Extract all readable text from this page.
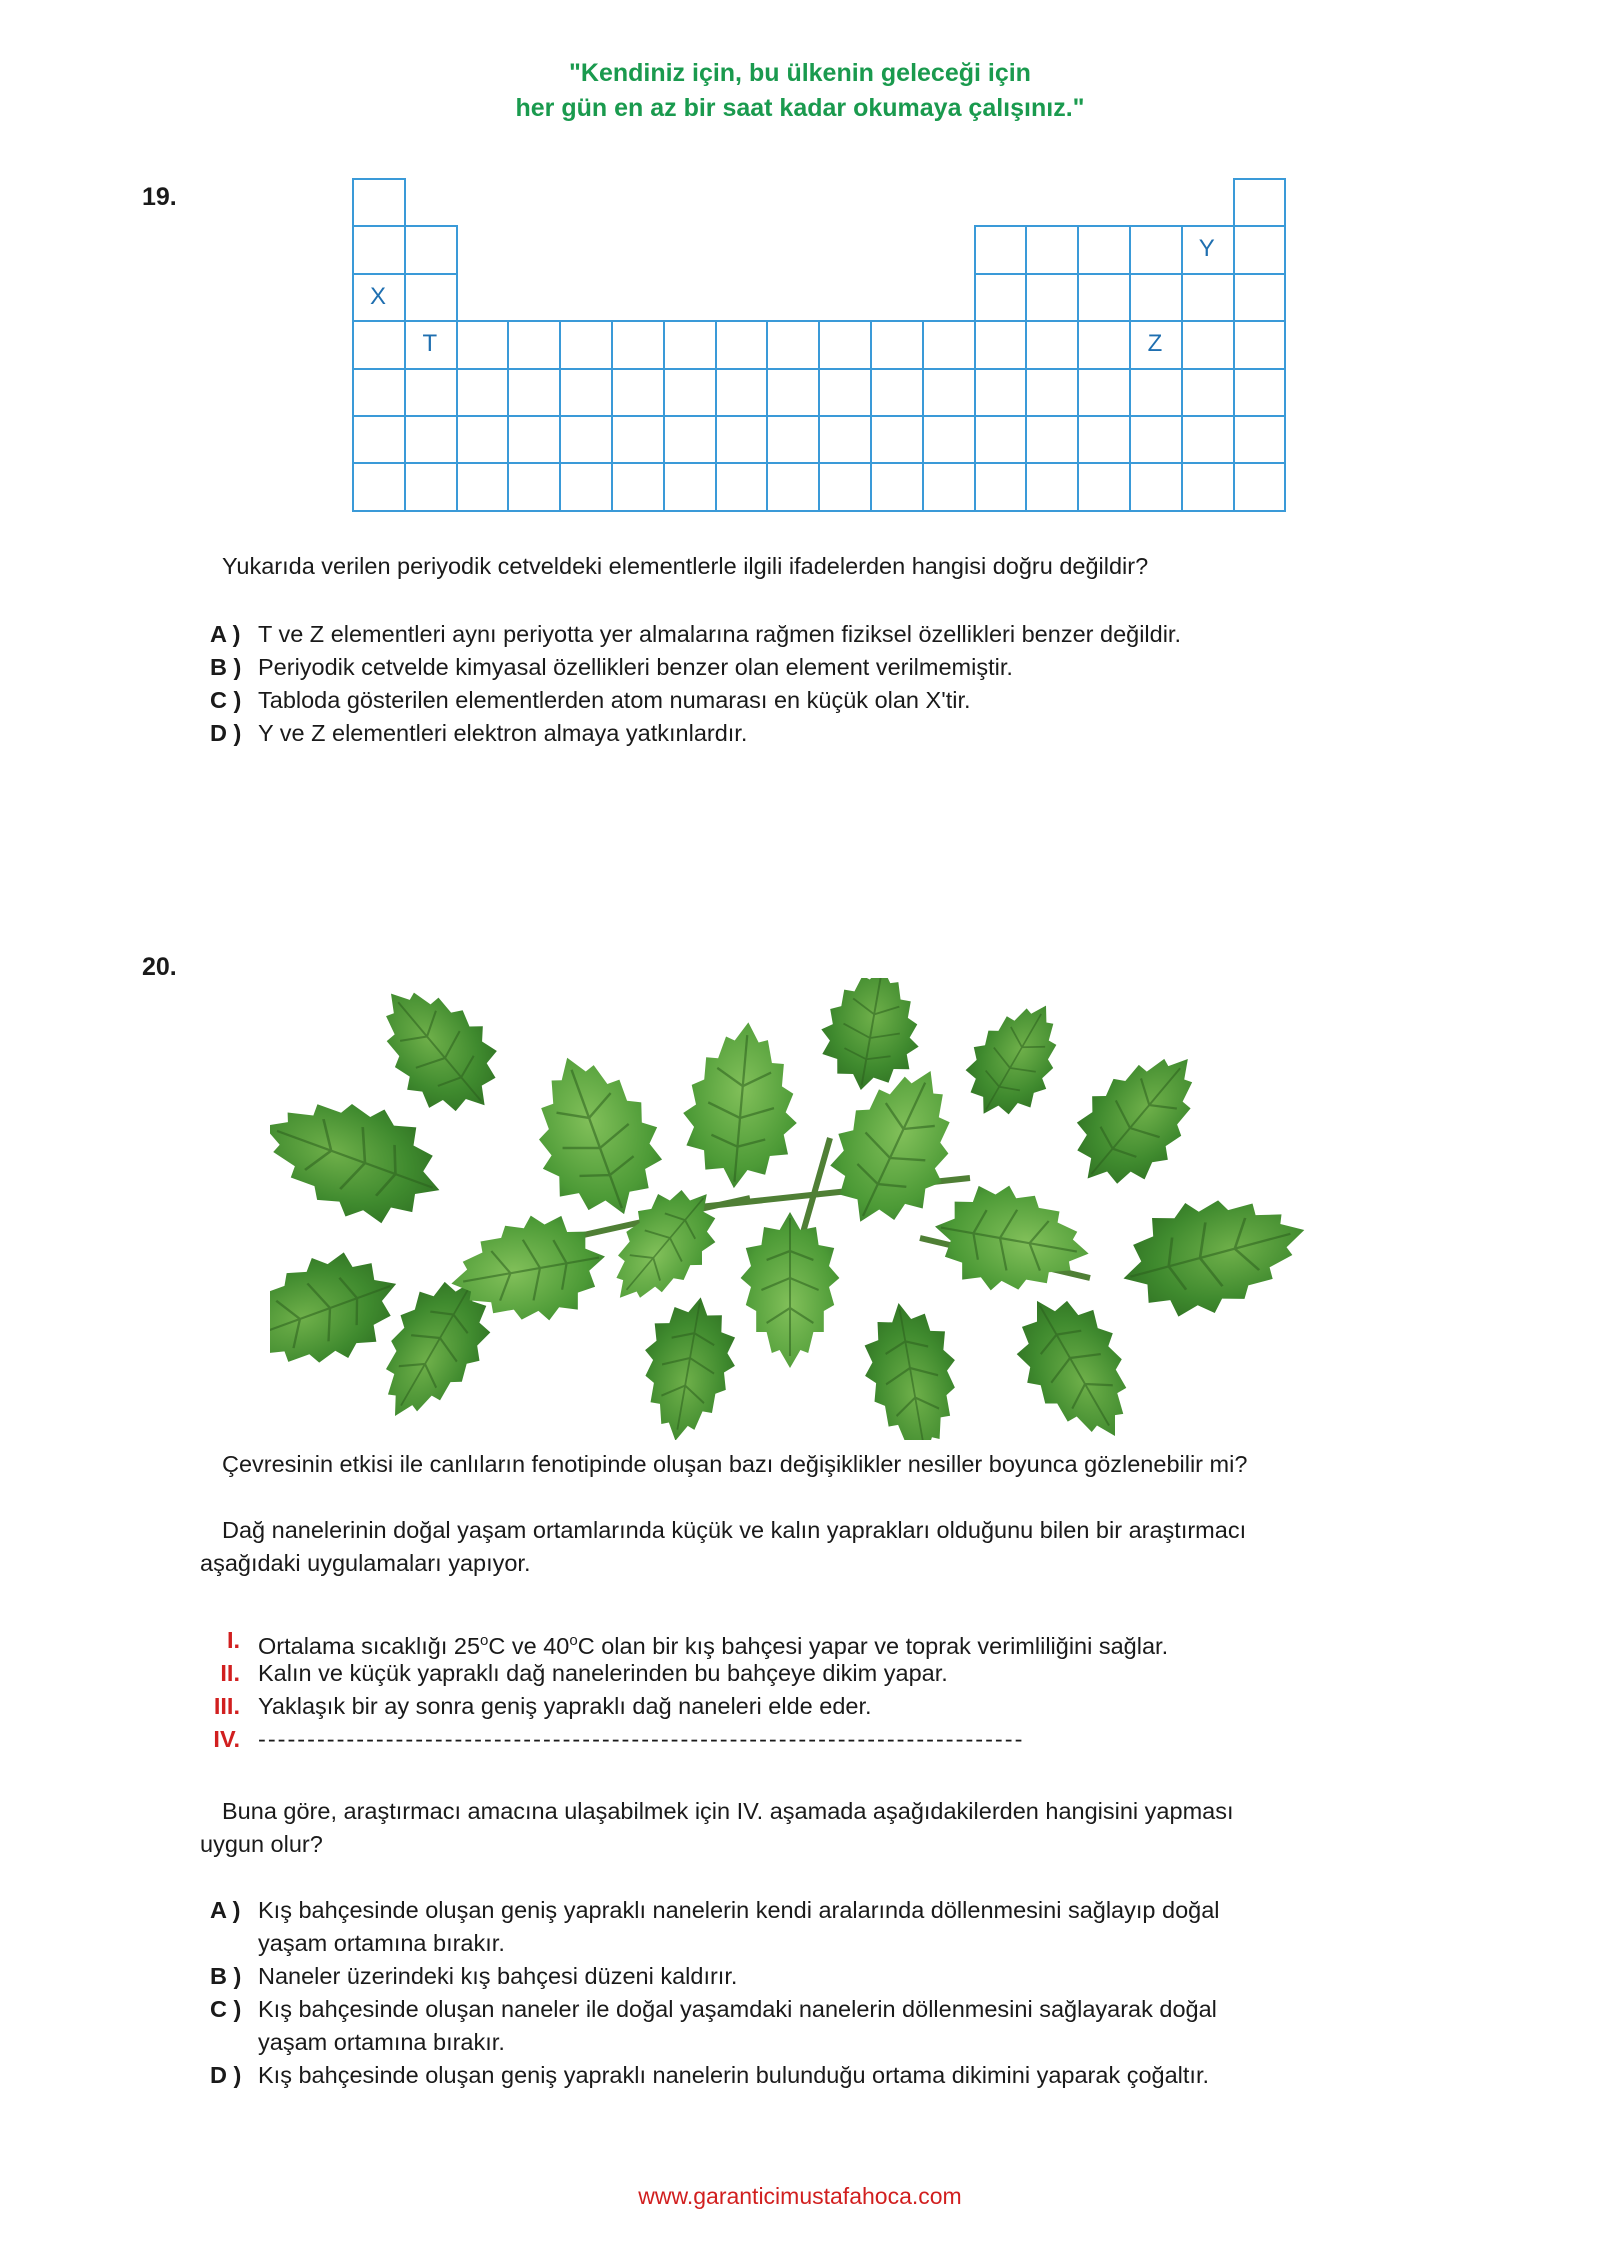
"Kendiniz için, bu ülkenin geleceği için
her gün en az bir saat kadar okumaya çalışınız."
19.
X
T
Y
Z
Yukarıda verilen periyodik cetveldeki elementlerle ilgili ifadelerden hangisi doğru değildir?
A ) T ve Z elementleri aynı periyotta yer almalarına rağmen fiziksel özellikleri benzer değildir.
B ) Periyodik cetvelde kimyasal özellikleri benzer olan element verilmemiştir.
C ) Tabloda gösterilen elementlerden atom numarası en küçük olan X'tir.
D ) Y ve Z elementleri elektron almaya yatkınlardır.
20.
Çevresinin etkisi ile canlıların fenotipinde oluşan bazı değişiklikler nesiller boyunca gözlenebilir mi?
Dağ nanelerinin doğal yaşam ortamlarında küçük ve kalın yaprakları olduğunu bilen bir araştırmacı
aşağıdaki uygulamaları yapıyor.
I. Ortalama sıcaklığı 25$^o$C ve 40$^o$C olan bir kış bahçesi yapar ve toprak verimliliğini sağlar.
II. Kalın ve küçük yapraklı dağ nanelerinden bu bahçeye dikim yapar.
III. Yaklaşık bir ay sonra geniş yapraklı dağ naneleri elde eder.
IV. ------------------------------------------------------------------------------
Buna göre, araştırmacı amacına ulaşabilmek için IV. aşamada aşağıdakilerden hangisini yapması
uygun olur?
A ) Kış bahçesinde oluşan geniş yapraklı nanelerin kendi aralarında döllenmesini sağlayıp doğal
yaşam ortamına bırakır.
B ) Naneler üzerindeki kış bahçesi düzeni kaldırır.
C ) Kış bahçesinde oluşan naneler ile doğal yaşamdaki nanelerin döllenmesini sağlayarak doğal
yaşam ortamına bırakır.
D ) Kış bahçesinde oluşan geniş yapraklı nanelerin bulunduğu ortama dikimini yaparak çoğaltır.
www.garanticimustafahoca.com
